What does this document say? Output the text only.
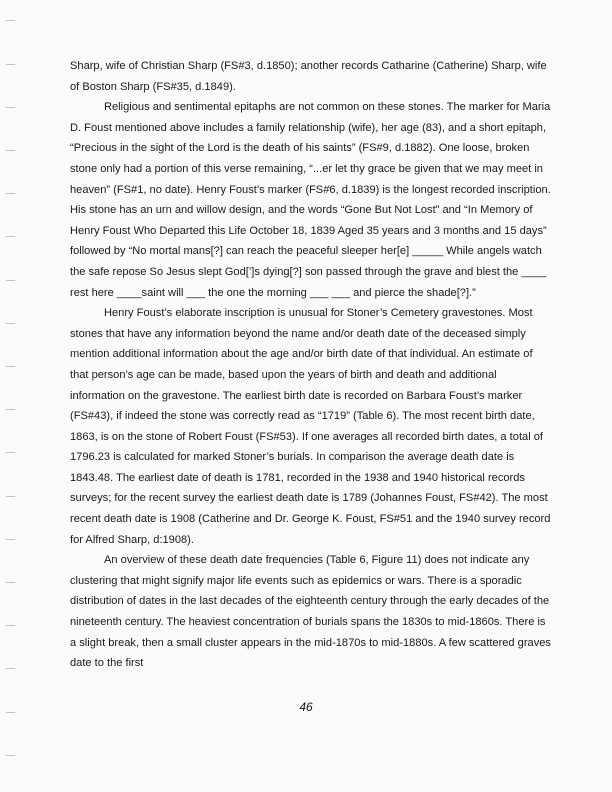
Sharp, wife of Christian Sharp (FS#3, d.1850); another records Catharine (Catherine) Sharp, wife of Boston Sharp (FS#35, d.1849).

Religious and sentimental epitaphs are not common on these stones. The marker for Maria D. Foust mentioned above includes a family relationship (wife), her age (83), and a short epitaph, “Precious in the sight of the Lord is the death of his saints” (FS#9, d.1882). One loose, broken stone only had a portion of this verse remaining, “...er let thy grace be given that we may meet in heaven” (FS#1, no date). Henry Foust’s marker (FS#6, d.1839) is the longest recorded inscription. His stone has an urn and willow design, and the words “Gone But Not Lost” and “In Memory of Henry Foust Who Departed this Life October 18, 1839 Aged 35 years and 3 months and 15 days” followed by “No mortal mans[?] can reach the peaceful sleeper her[e] _____ While angels watch the safe repose So Jesus slept God[’]s dying[?] son passed through the grave and blest the ____ rest here ____saint will ___ the one the morning ___ ___ and pierce the shade[?].”

Henry Foust’s elaborate inscription is unusual for Stoner’s Cemetery gravestones. Most stones that have any information beyond the name and/or death date of the deceased simply mention additional information about the age and/or birth date of that individual. An estimate of that person’s age can be made, based upon the years of birth and death and additional information on the gravestone. The earliest birth date is recorded on Barbara Foust’s marker (FS#43), if indeed the stone was correctly read as “1719” (Table 6). The most recent birth date, 1863, is on the stone of Robert Foust (FS#53). If one averages all recorded birth dates, a total of 1796.23 is calculated for marked Stoner’s burials. In comparison the average death date is 1843.48. The earliest date of death is 1781, recorded in the 1938 and 1940 historical records surveys; for the recent survey the earliest death date is 1789 (Johannes Foust, FS#42). The most recent death date is 1908 (Catherine and Dr. George K. Foust, FS#51 and the 1940 survey record for Alfred Sharp, d:1908).

An overview of these death date frequencies (Table 6, Figure 11) does not indicate any clustering that might signify major life events such as epidemics or wars. There is a sporadic distribution of dates in the last decades of the eighteenth century through the early decades of the nineteenth century. The heaviest concentration of burials spans the 1830s to mid-1860s. There is a slight break, then a small cluster appears in the mid-1870s to mid-1880s. A few scattered graves date to the first

46
